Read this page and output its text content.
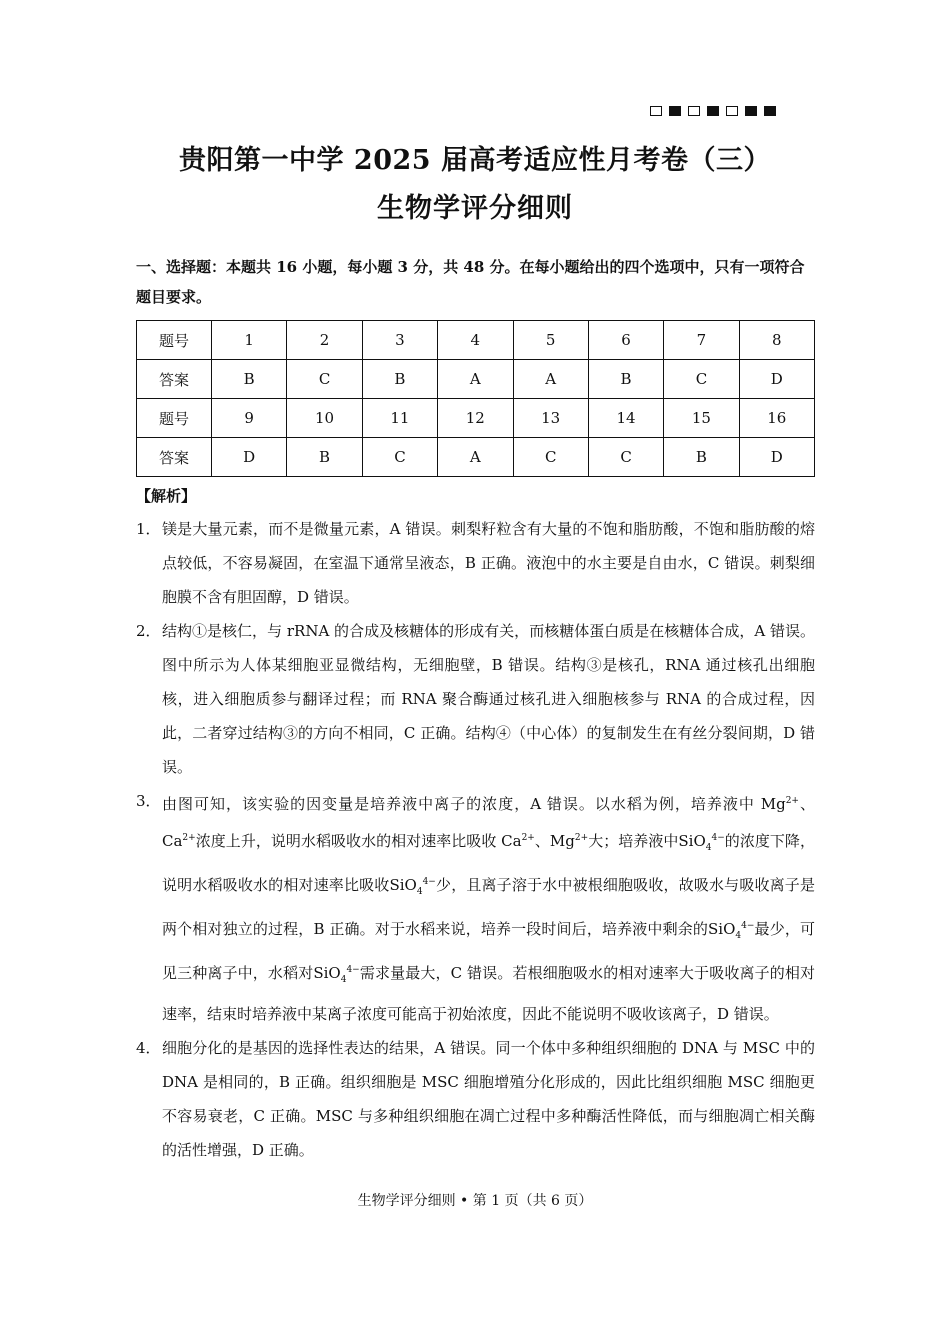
贵阳第一中学 2025 届高考适应性月考卷（三）
生物学评分细则
一、选择题：本题共 16 小题，每小题 3 分，共 48 分。在每小题给出的四个选项中，只有一项符合题目要求。
题号	1	2	3	4	5	6	7	8
答案	B	C	B	A	A	B	C	D
题号	9	10	11	12	13	14	15	16
答案	D	B	C	A	C	C	B	D
【解析】
1． 镁是大量元素，而不是微量元素，A 错误。刺梨籽粒含有大量的不饱和脂肪酸，不饱和脂肪酸的熔点较低，不容易凝固，在室温下通常呈液态，B 正确。液泡中的水主要是自由水，C 错误。刺梨细胞膜不含有胆固醇，D 错误。
2． 结构①是核仁，与 rRNA 的合成及核糖体的形成有关，而核糖体蛋白质是在核糖体合成，A 错误。图中所示为人体某细胞亚显微结构，无细胞壁，B 错误。结构③是核孔，RNA 通过核孔出细胞核，进入细胞质参与翻译过程；而 RNA 聚合酶通过核孔进入细胞核参与 RNA 的合成过程，因此，二者穿过结构③的方向不相同，C 正确。结构④（中心体）的复制发生在有丝分裂间期，D 错误。
3． 由图可知，该实验的因变量是培养液中离子的浓度，A 错误。以水稻为例，培养液中 $Mg^{2+}$、$Ca^{2+}$浓度上升，说明水稻吸收水的相对速率比吸收 $Ca^{2+}$、$Mg^{2+}$大；培养液中SiO$_4^{4-}$的浓度下降，说明水稻吸收水的相对速率比吸收SiO$_4^{4-}$少，且离子溶于水中被根细胞吸收，故吸水与吸收离子是两个相对独立的过程，B 正确。对于水稻来说，培养一段时间后，培养液中剩余的SiO$_4^{4-}$最少，可见三种离子中，水稻对SiO$_4^{4-}$需求量最大，C 错误。若根细胞吸水的相对速率大于吸收离子的相对速率，结束时培养液中某离子浓度可能高于初始浓度，因此不能说明不吸收该离子，D 错误。
4． 细胞分化的是基因的选择性表达的结果，A 错误。同一个体中多种组织细胞的 DNA 与 MSC 中的 DNA 是相同的，B 正确。组织细胞是 MSC 细胞增殖分化形成的，因此比组织细胞 MSC 细胞更不容易衰老，C 正确。MSC 与多种组织细胞在凋亡过程中多种酶活性降低，而与细胞凋亡相关酶的活性增强，D 正确。
生物学评分细则 • 第 1 页（共 6 页）
